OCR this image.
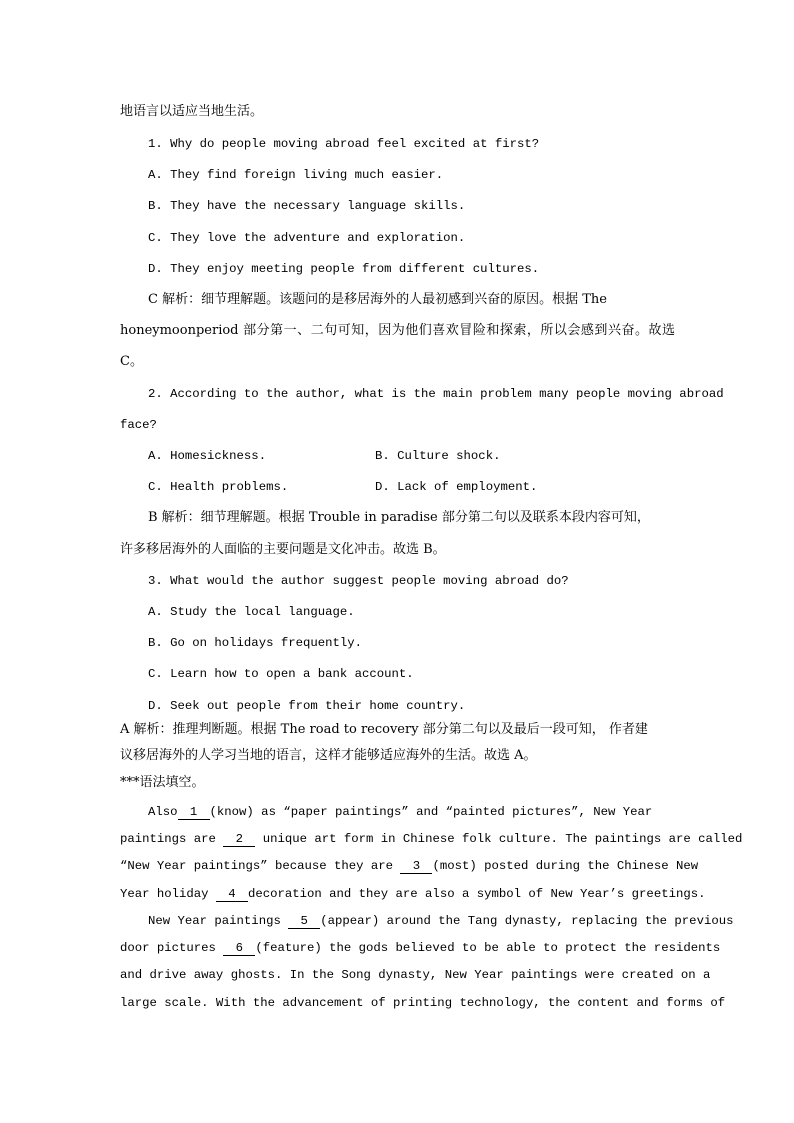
地语言以适应当地生活。
1. Why do people moving abroad feel excited at first?
A. They find foreign living much easier.
B. They have the necessary language skills.
C. They love the adventure and exploration.
D. They enjoy meeting people from different cultures.
C 解析：细节理解题。该题问的是移居海外的人最初感到兴奋的原因。根据 The
honeymoonperiod 部分第一、二句可知，因为他们喜欢冒险和探索，所以会感到兴奋。故选
C。
2. According to the author, what is the main problem many people moving abroad
face?
A. Homesickness.	B. Culture shock.
C. Health problems.	D. Lack of employment.
B 解析：细节理解题。根据 Trouble in paradise 部分第二句以及联系本段内容可知，
许多移居海外的人面临的主要问题是文化冲击。故选 B。
3. What would the author suggest people moving abroad do?
A. Study the local language.
B. Go on holidays frequently.
C. Learn how to open a bank account.
D. Seek out people from their home country.
A 解析：推理判断题。根据 The road to recovery 部分第二句以及最后一段可知， 作者建
议移居海外的人学习当地的语言，这样才能够适应海外的生活。故选 A。
***语法填空。
Also 1 (know) as “paper paintings” and “painted pictures”, New Year
paintings are 2 unique art form in Chinese folk culture. The paintings are called
“New Year paintings” because they are 3 (most) posted during the Chinese New
Year holiday 4 decoration and they are also a symbol of New Year’s greetings.
New Year paintings 5 (appear) around the Tang dynasty, replacing the previous
door pictures 6 (feature) the gods believed to be able to protect the residents
and drive away ghosts. In the Song dynasty, New Year paintings were created on a
large scale. With the advancement of printing technology, the content and forms of
